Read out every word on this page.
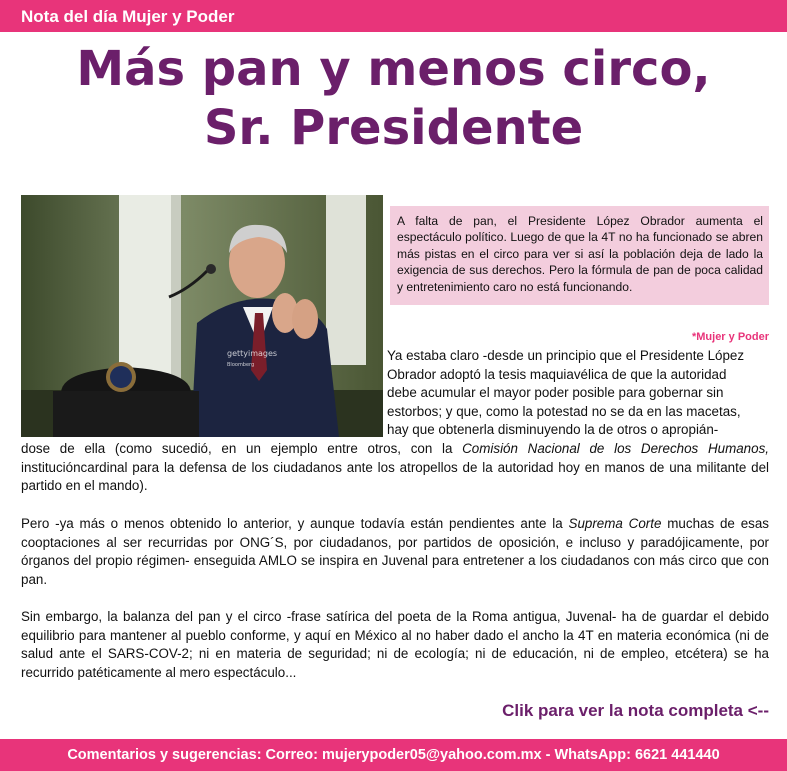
Nota del día Mujer y Poder
Más pan y menos circo,
Sr. Presidente
gettyimages
Bloomberg
A falta de pan, el Presidente López Obrador aumenta el espectáculo político. Luego de que la 4T no ha funcionado se abren más pistas en el circo para ver si así la población deja de lado la exigencia de sus derechos. Pero la fórmula de pan de poca calidad y entretenimiento caro no está funcionando.
*Mujer y Poder
Ya estaba claro -desde un principio que el Presidente López
Obrador adoptó la tesis maquiavélica de que la autoridad
debe acumular el mayor poder posible para gobernar sin
estorbos; y que, como la potestad no se da en las macetas,
hay que obtenerla disminuyendo la de otros o apropián-

dose de ella (como sucedió, en un ejemplo entre otros, con la Comisión Nacional de los Derechos Humanos, institucióncardinal para la defensa de los ciudadanos ante los atropellos de la autoridad hoy en manos de una militante del partido en el mando).

Pero -ya más o menos obtenido lo anterior, y aunque todavía están pendientes ante la Suprema Corte muchas de esas cooptaciones al ser recurridas por ONG´S, por ciudadanos, por partidos de oposición, e incluso y paradójicamente, por órganos del propio régimen- enseguida AMLO se inspira en Juvenal para entretener a los ciudadanos con más circo que con pan.

Sin embargo, la balanza del pan y el circo -frase satírica del poeta de la Roma antigua, Juvenal- ha de guardar el debido equilibrio para mantener al pueblo conforme, y aquí en México al no haber dado el ancho la 4T en materia económica (ni de salud ante el SARS-COV-2; ni en materia de seguridad; ni de ecología; ni de educación, ni de empleo, etcétera) se ha recurrido patéticamente al mero espectáculo...

Clik para ver la nota completa <--
Comentarios y sugerencias: Correo: mujerypoder05@yahoo.com.mx - WhatsApp: 6621 441440
